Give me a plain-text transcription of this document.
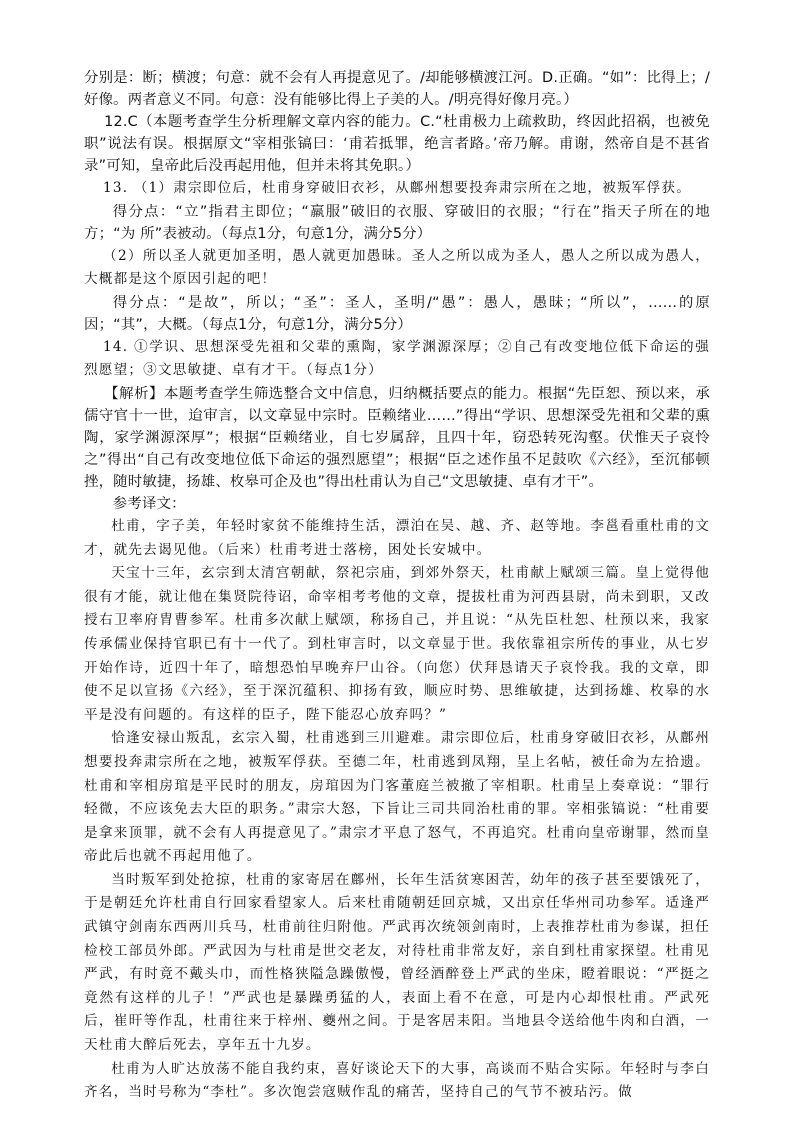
分别是：断；横渡；句意：就不会有人再提意见了。/却能够横渡江河。D.正确。“如”：比得上；/好像。两者意义不同。句意：没有能够比得上子美的人。/明亮得好像月亮。）

12.C（本题考查学生分析理解文章内容的能力。C.“杜甫极力上疏救助，终因此招祸，也被免职”说法有误。根据原文“宰相张镐曰：‘甫若抵罪，绝言者路。’帝乃解。甫谢，然帝自是不甚省录”可知，皇帝此后没再起用他，但并未将其免职。）

13. （1）肃宗即位后，杜甫身穿破旧衣衫，从鄜州想要投奔肃宗所在之地，被叛军俘获。

得分点：“立”指君主即位；“羸服”破旧的衣服、穿破旧的衣服；“行在”指天子所在的地方；“为 所”表被动。（每点1分，句意1分，满分5分）

（2）所以圣人就更加圣明，愚人就更加愚昧。圣人之所以成为圣人，愚人之所以成为愚人，大概都是这个原因引起的吧！

得分点：“是故”，所以；“圣”：圣人，圣明/“愚”：愚人，愚昧；“所以”，……的原因；“其”，大概。（每点1分，句意1分，满分5分）

14. ①学识、思想深受先祖和父辈的熏陶，家学渊源深厚；②自己有改变地位低下命运的强烈愿望；③文思敏捷、卓有才干。（每点1分）

【解析】本题考查学生筛选整合文中信息，归纳概括要点的能力。根据“先臣恕、预以来，承儒守官十一世，迨审言，以文章显中宗时。臣赖绪业……”得出“学识、思想深受先祖和父辈的熏陶，家学渊源深厚”；根据“臣赖绪业，自七岁属辞，且四十年，窃恐转死沟壑。伏惟天子哀怜之”得出“自己有改变地位低下命运的强烈愿望”；根据“臣之述作虽不足鼓吹《六经》，至沉郁顿挫，随时敏捷，扬雄、枚皋可企及也”得出杜甫认为自己“文思敏捷、卓有才干”。

参考译文：

杜甫，字子美，年轻时家贫不能维持生活，漂泊在吴、越、齐、赵等地。李邕看重杜甫的文才，就先去谒见他。（后来）杜甫考进士落榜，困处长安城中。

天宝十三年，玄宗到太清宫朝献，祭祀宗庙，到郊外祭天，杜甫献上赋颂三篇。皇上觉得他很有才能，就让他在集贤院待诏，命宰相考考他的文章，提拔杜甫为河西县尉，尚未到职，又改授右卫率府胄曹参军。杜甫多次献上赋颂，称扬自己，并且说：“从先臣杜恕、杜预以来，我家传承儒业保持官职已有十一代了。到杜审言时，以文章显于世。我依靠祖宗所传的事业，从七岁开始作诗，近四十年了，暗想恐怕早晚弃尸山谷。（向您）伏拜恳请天子哀怜我。我的文章，即使不足以宣扬《六经》，至于深沉蕴积、抑扬有致，顺应时势、思维敏捷，达到扬雄、枚皋的水平是没有问题的。有这样的臣子，陛下能忍心放弃吗？”

恰逢安禄山叛乱，玄宗入蜀，杜甫逃到三川避难。肃宗即位后，杜甫身穿破旧衣衫，从鄜州想要投奔肃宗所在之地，被叛军俘获。至德二年，杜甫逃到凤翔，呈上名帖，被任命为左拾遗。杜甫和宰相房琯是平民时的朋友，房琯因为门客董庭兰被撤了宰相职。杜甫呈上奏章说：“罪行轻微，不应该免去大臣的职务。”肃宗大怒，下旨让三司共同治杜甫的罪。宰相张镐说：“杜甫要是拿来顶罪，就不会有人再提意见了。”肃宗才平息了怒气，不再追究。杜甫向皇帝谢罪，然而皇帝此后也就不再起用他了。

当时叛军到处抢掠，杜甫的家寄居在鄜州，长年生活贫寒困苦，幼年的孩子甚至要饿死了，于是朝廷允许杜甫自行回家看望家人。后来杜甫随朝廷回京城，又出京任华州司功参军。适逢严武镇守剑南东西两川兵马，杜甫前往归附他。严武再次统领剑南时，上表推荐杜甫为参谋，担任检校工部员外郎。严武因为与杜甫是世交老友，对待杜甫非常友好，亲自到杜甫家探望。杜甫见严武，有时竟不戴头巾，而性格狭隘急躁傲慢，曾经酒醉登上严武的坐床，瞪着眼说：“严挺之竟然有这样的儿子！”严武也是暴躁勇猛的人，表面上看不在意，可是内心却恨杜甫。严武死后，崔旰等作乱，杜甫往来于梓州、夔州之间。于是客居耒阳。当地县令送给他牛肉和白酒，一天杜甫大醉后死去，享年五十九岁。

杜甫为人旷达放荡不能自我约束，喜好谈论天下的大事，高谈而不贴合实际。年轻时与李白齐名，当时号称为“李杜”。多次饱尝寇贼作乱的痛苦，坚持自己的气节不被玷污。做
